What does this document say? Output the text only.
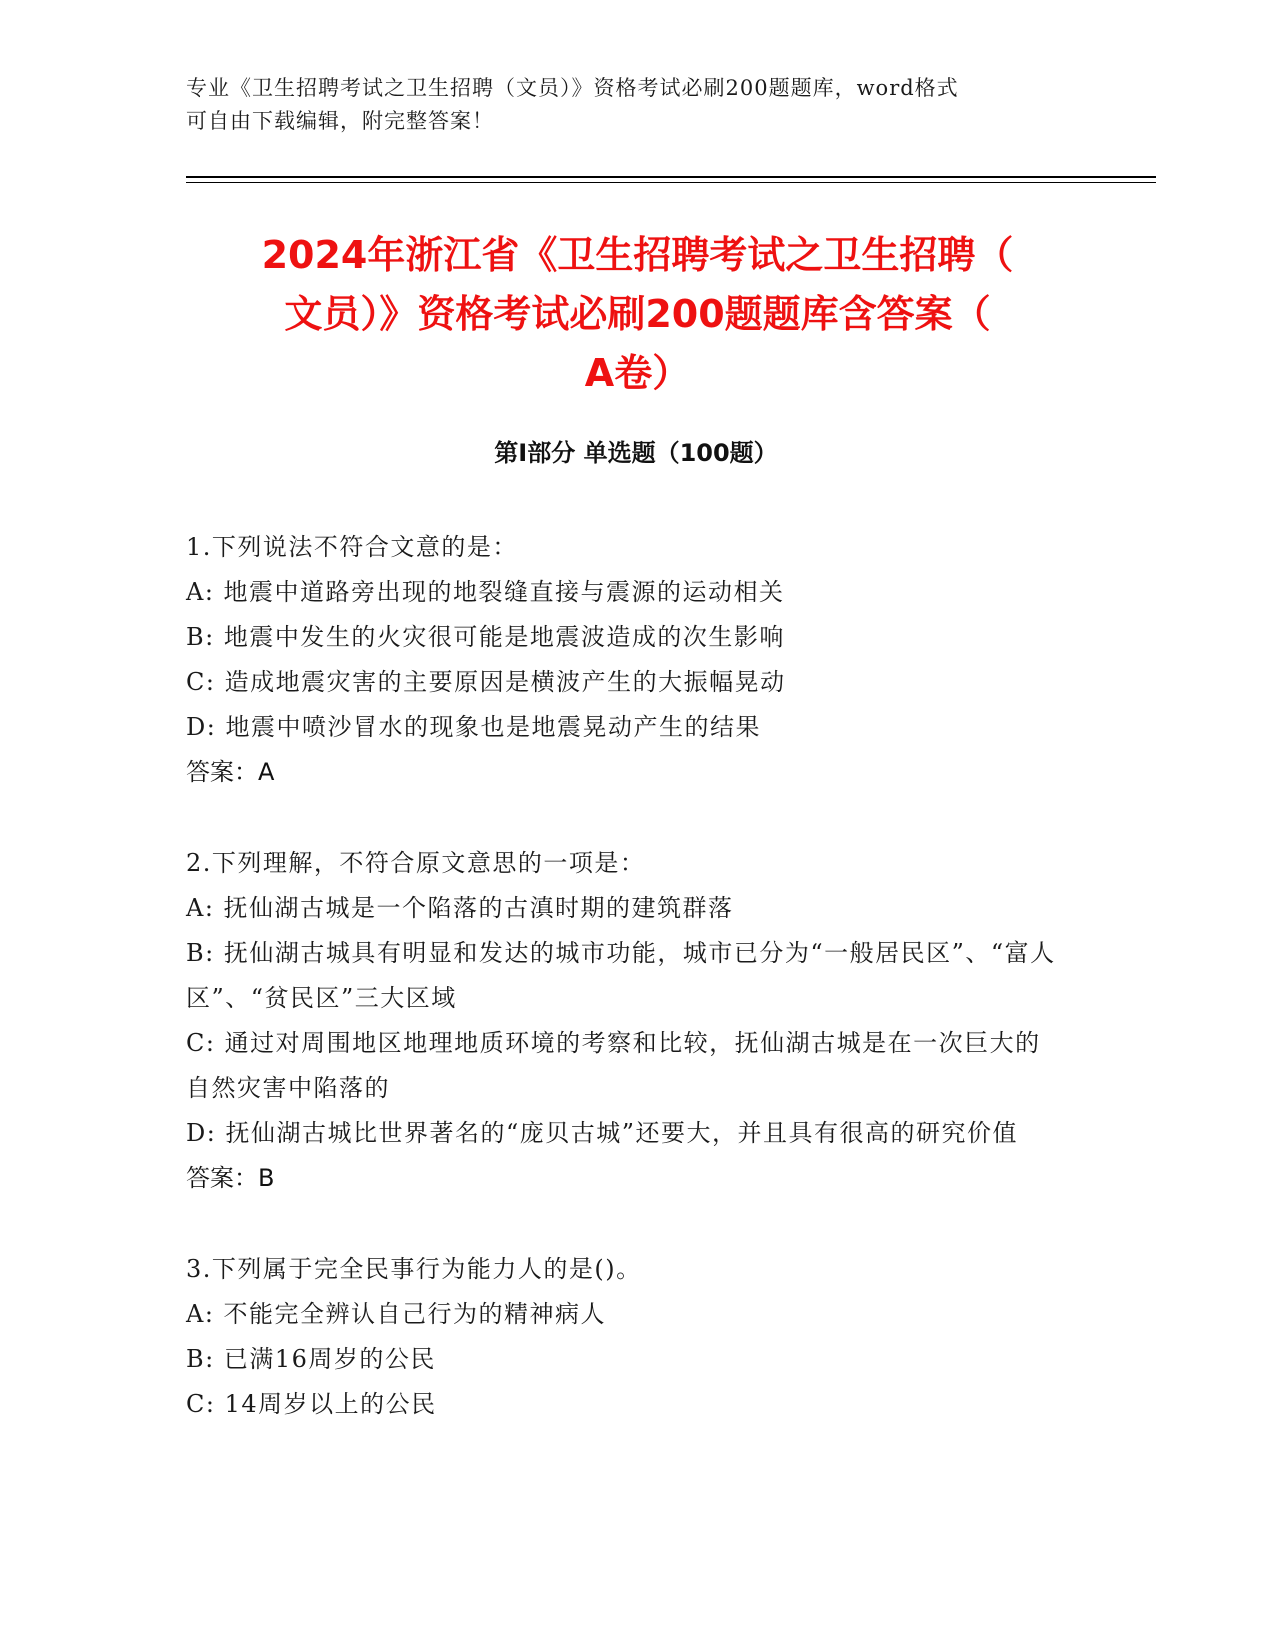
专业《卫生招聘考试之卫生招聘（文员）》资格考试必刷200题题库，word格式
可自由下载编辑，附完整答案！
2024年浙江省《卫生招聘考试之卫生招聘（
文员）》资格考试必刷200题题库含答案（
A卷）
第I部分 单选题（100题）
1.下列说法不符合文意的是：
A: 地震中道路旁出现的地裂缝直接与震源的运动相关
B: 地震中发生的火灾很可能是地震波造成的次生影响
C: 造成地震灾害的主要原因是横波产生的大振幅晃动
D: 地震中喷沙冒水的现象也是地震晃动产生的结果
答案：A
2.下列理解，不符合原文意思的一项是：
A: 抚仙湖古城是一个陷落的古滇时期的建筑群落
B: 抚仙湖古城具有明显和发达的城市功能，城市已分为“一般居民区”、“富人区”、“贫民区”三大区域
C: 通过对周围地区地理地质环境的考察和比较，抚仙湖古城是在一次巨大的自然灾害中陷落的
D: 抚仙湖古城比世界著名的“庞贝古城”还要大，并且具有很高的研究价值
答案：B
3.下列属于完全民事行为能力人的是()。
A: 不能完全辨认自己行为的精神病人
B: 已满16周岁的公民
C: 14周岁以上的公民
